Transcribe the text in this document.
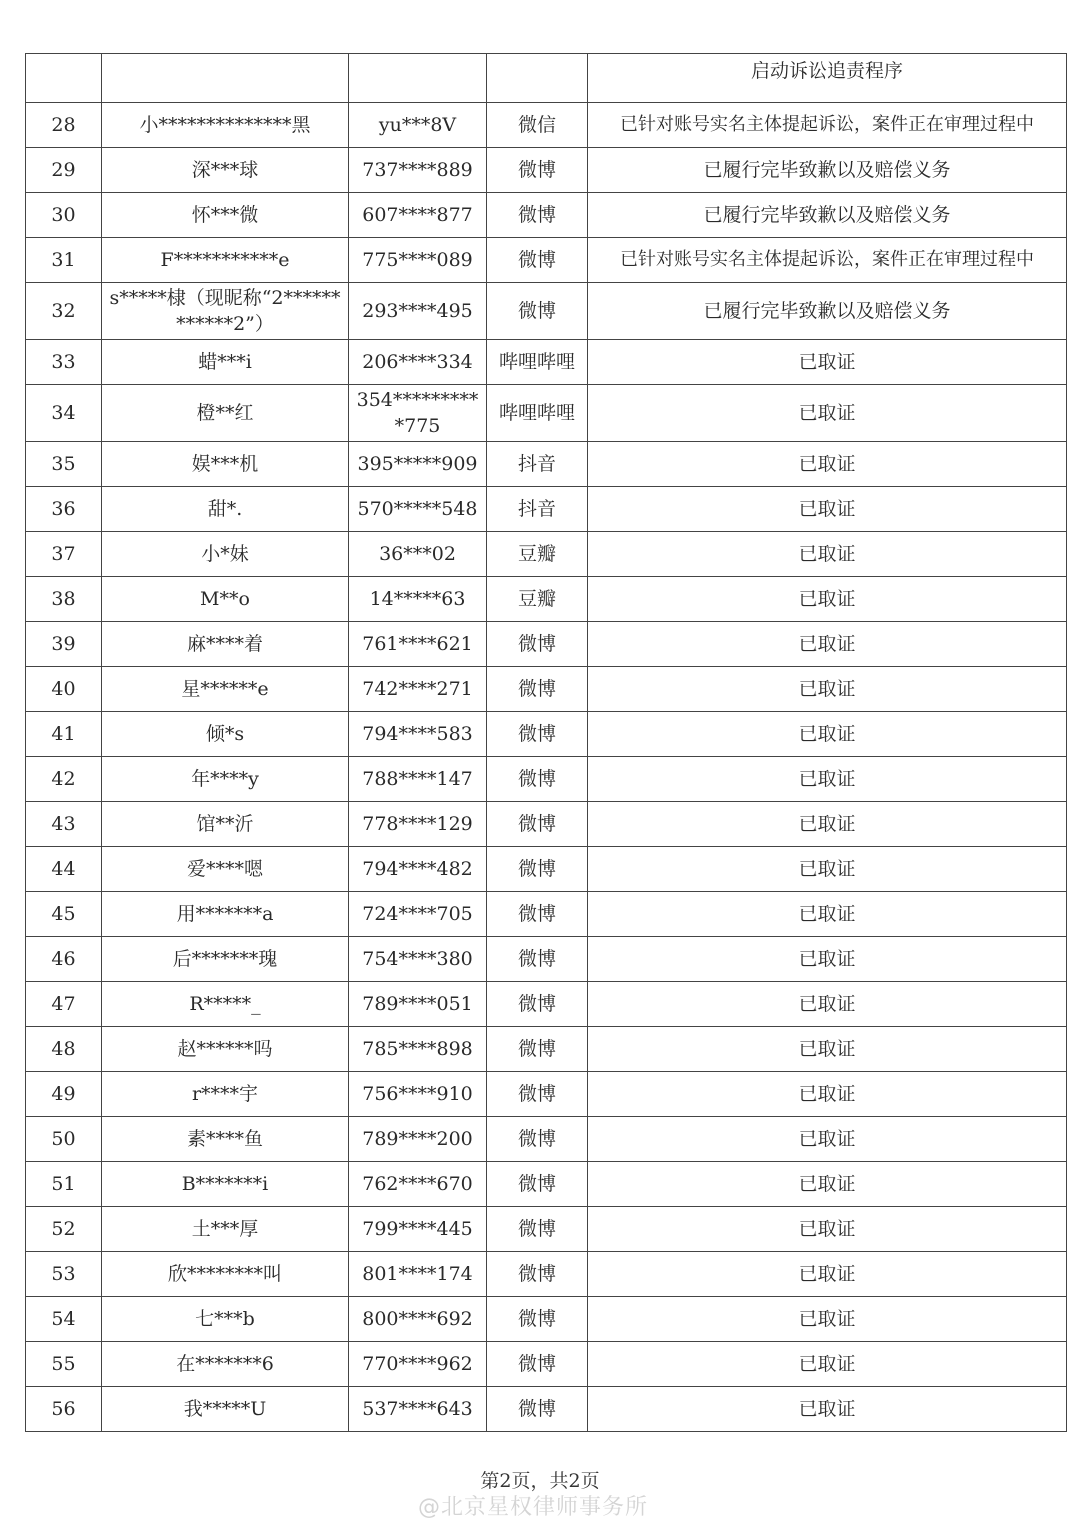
				启动诉讼追责程序
28	小**************黑	yu***8V	微信	已针对账号实名主体提起诉讼，案件正在审理过程中
29	深***球	737****889	微博	已履行完毕致歉以及赔偿义务
30	怀***微	607****877	微博	已履行完毕致歉以及赔偿义务
31	F***********e	775****089	微博	已针对账号实名主体提起诉讼，案件正在审理过程中
32	s*****棣（现昵称“2************2”）	293****495	微博	已履行完毕致歉以及赔偿义务
33	蜡***i	206****334	哔哩哔哩	已取证
34	橙**红	354**********775	哔哩哔哩	已取证
35	娱***机	395*****909	抖音	已取证
36	甜*.	570*****548	抖音	已取证
37	小*妹	36***02	豆瓣	已取证
38	M**o	14*****63	豆瓣	已取证
39	麻****着	761****621	微博	已取证
40	星******e	742****271	微博	已取证
41	倾*s	794****583	微博	已取证
42	年****y	788****147	微博	已取证
43	馆**沂	778****129	微博	已取证
44	爱****嗯	794****482	微博	已取证
45	用*******a	724****705	微博	已取证
46	后*******瑰	754****380	微博	已取证
47	R*****_	789****051	微博	已取证
48	赵******吗	785****898	微博	已取证
49	r****宇	756****910	微博	已取证
50	素****鱼	789****200	微博	已取证
51	B*******i	762****670	微博	已取证
52	土***厚	799****445	微博	已取证
53	欣********叫	801****174	微博	已取证
54	七***b	800****692	微博	已取证
55	在*******6	770****962	微博	已取证
56	我*****U	537****643	微博	已取证
第2页，共2页
@北京星权律师事务所
